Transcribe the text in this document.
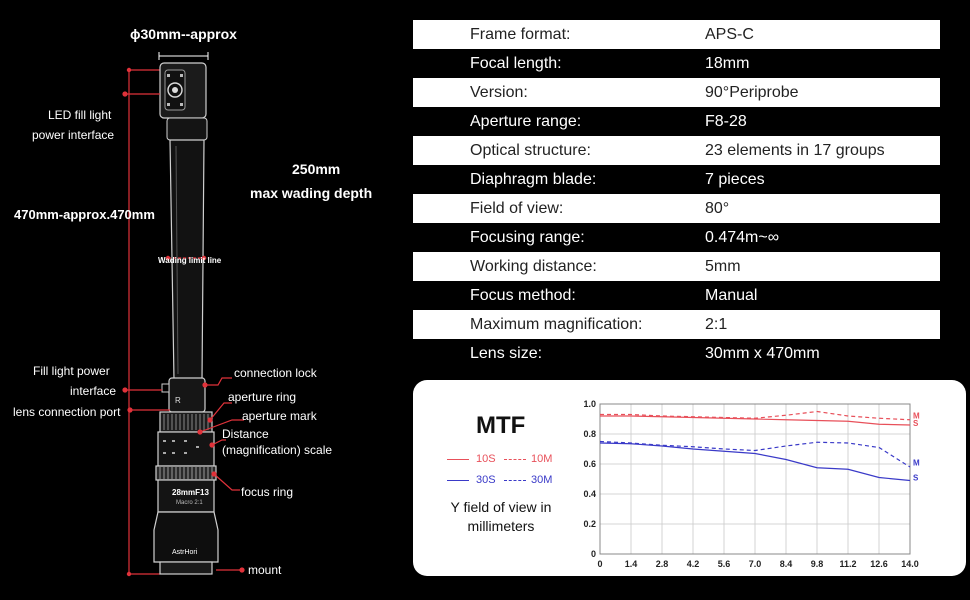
ϕ30mm--approx
LED fill light
power interface
470mm-approx.470mm
250mm
max wading depth
Wading limit line
Fill light power
interface
lens connection port
connection lock
aperture ring
aperture mark
Distance
(magnification) scale
focus ring
mount
R
28mmF13
Macro 2:1
AstrHori
Frame format:	APS-C
Focal length:	18mm
Version:	90°Periprobe
Aperture range:	F8-28
Optical structure:	23 elements in 17 groups
Diaphragm blade:	7 pieces
Field of view:	80°
Focusing range:	0.474m~∞
Working distance:	5mm
Focus method:	Manual
Maximum magnification:	2:1
Lens size:	30mm x 470mm
MTF
10S	10M
30S	30M
Y field of view in
millimeters
0 1.4 2.8 4.2 5.6 7.0 8.4 9.8 11.2 12.6 14.0
0
0.2
0.4
0.6
0.8
1.0
M
S
M
S
